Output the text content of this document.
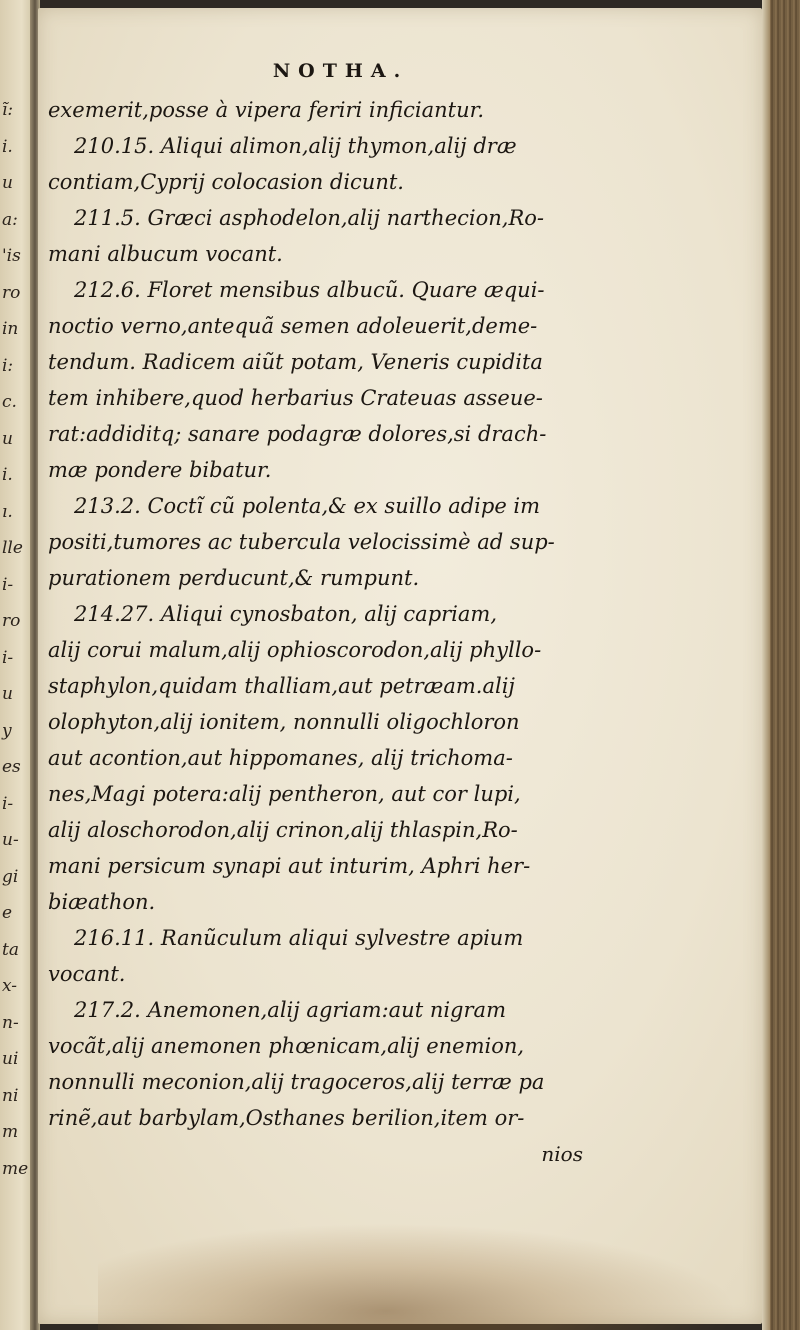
ĩ:
i.
u
a:
'is
ro
in
i:
c.
u
i.
ı.
lle
i-
ro
i-
u
y
es
i-
u-
gi
e
ta
x-
n-
ui
ni
m
me
NOTHA.
exemerit,posse à vipera feriri inficiantur.
210.15. Aliqui alimon,alij thymon,alij dræ
contiam,Cyprij colocasion dicunt.
211.5. Græci asphodelon,alij narthecion,Ro-
mani albucum vocant.
212.6. Floret mensibus albucũ. Quare æqui-
noctio verno,antequã semen adoleuerit,deme-
tendum. Radicem aiũt potam, Veneris cupidita
tem inhibere,quod herbarius Crateuas asseue-
rat:addiditq; sanare podagræ dolores,si drach-
mæ pondere bibatur.
213.2. Coctĩ cũ polenta,& ex suillo adipe im
positi,tumores ac tubercula velocissimè ad sup-
purationem perducunt,& rumpunt.
214.27. Aliqui cynosbaton, alij capriam,
alij corui malum,alij ophioscorodon,alij phyllo-
staphylon,quidam thalliam,aut petræam.alij
olophyton,alij ionitem, nonnulli oligochloron
aut acontion,aut hippomanes, alij trichoma-
nes,Magi potera:alij pentheron, aut cor lupi,
alij aloschorodon,alij crinon,alij thlaspin,Ro-
mani persicum synapi aut inturim, Aphri her-
biæathon.
216.11. Ranũculum aliqui sylvestre apium
vocant.
217.2. Anemonen,alij agriam:aut nigram
vocãt,alij anemonen phœnicam,alij enemion,
nonnulli meconion,alij tragoceros,alij terræ pa
rinẽ,aut barbylam,Osthanes berilion,item or-
nios
